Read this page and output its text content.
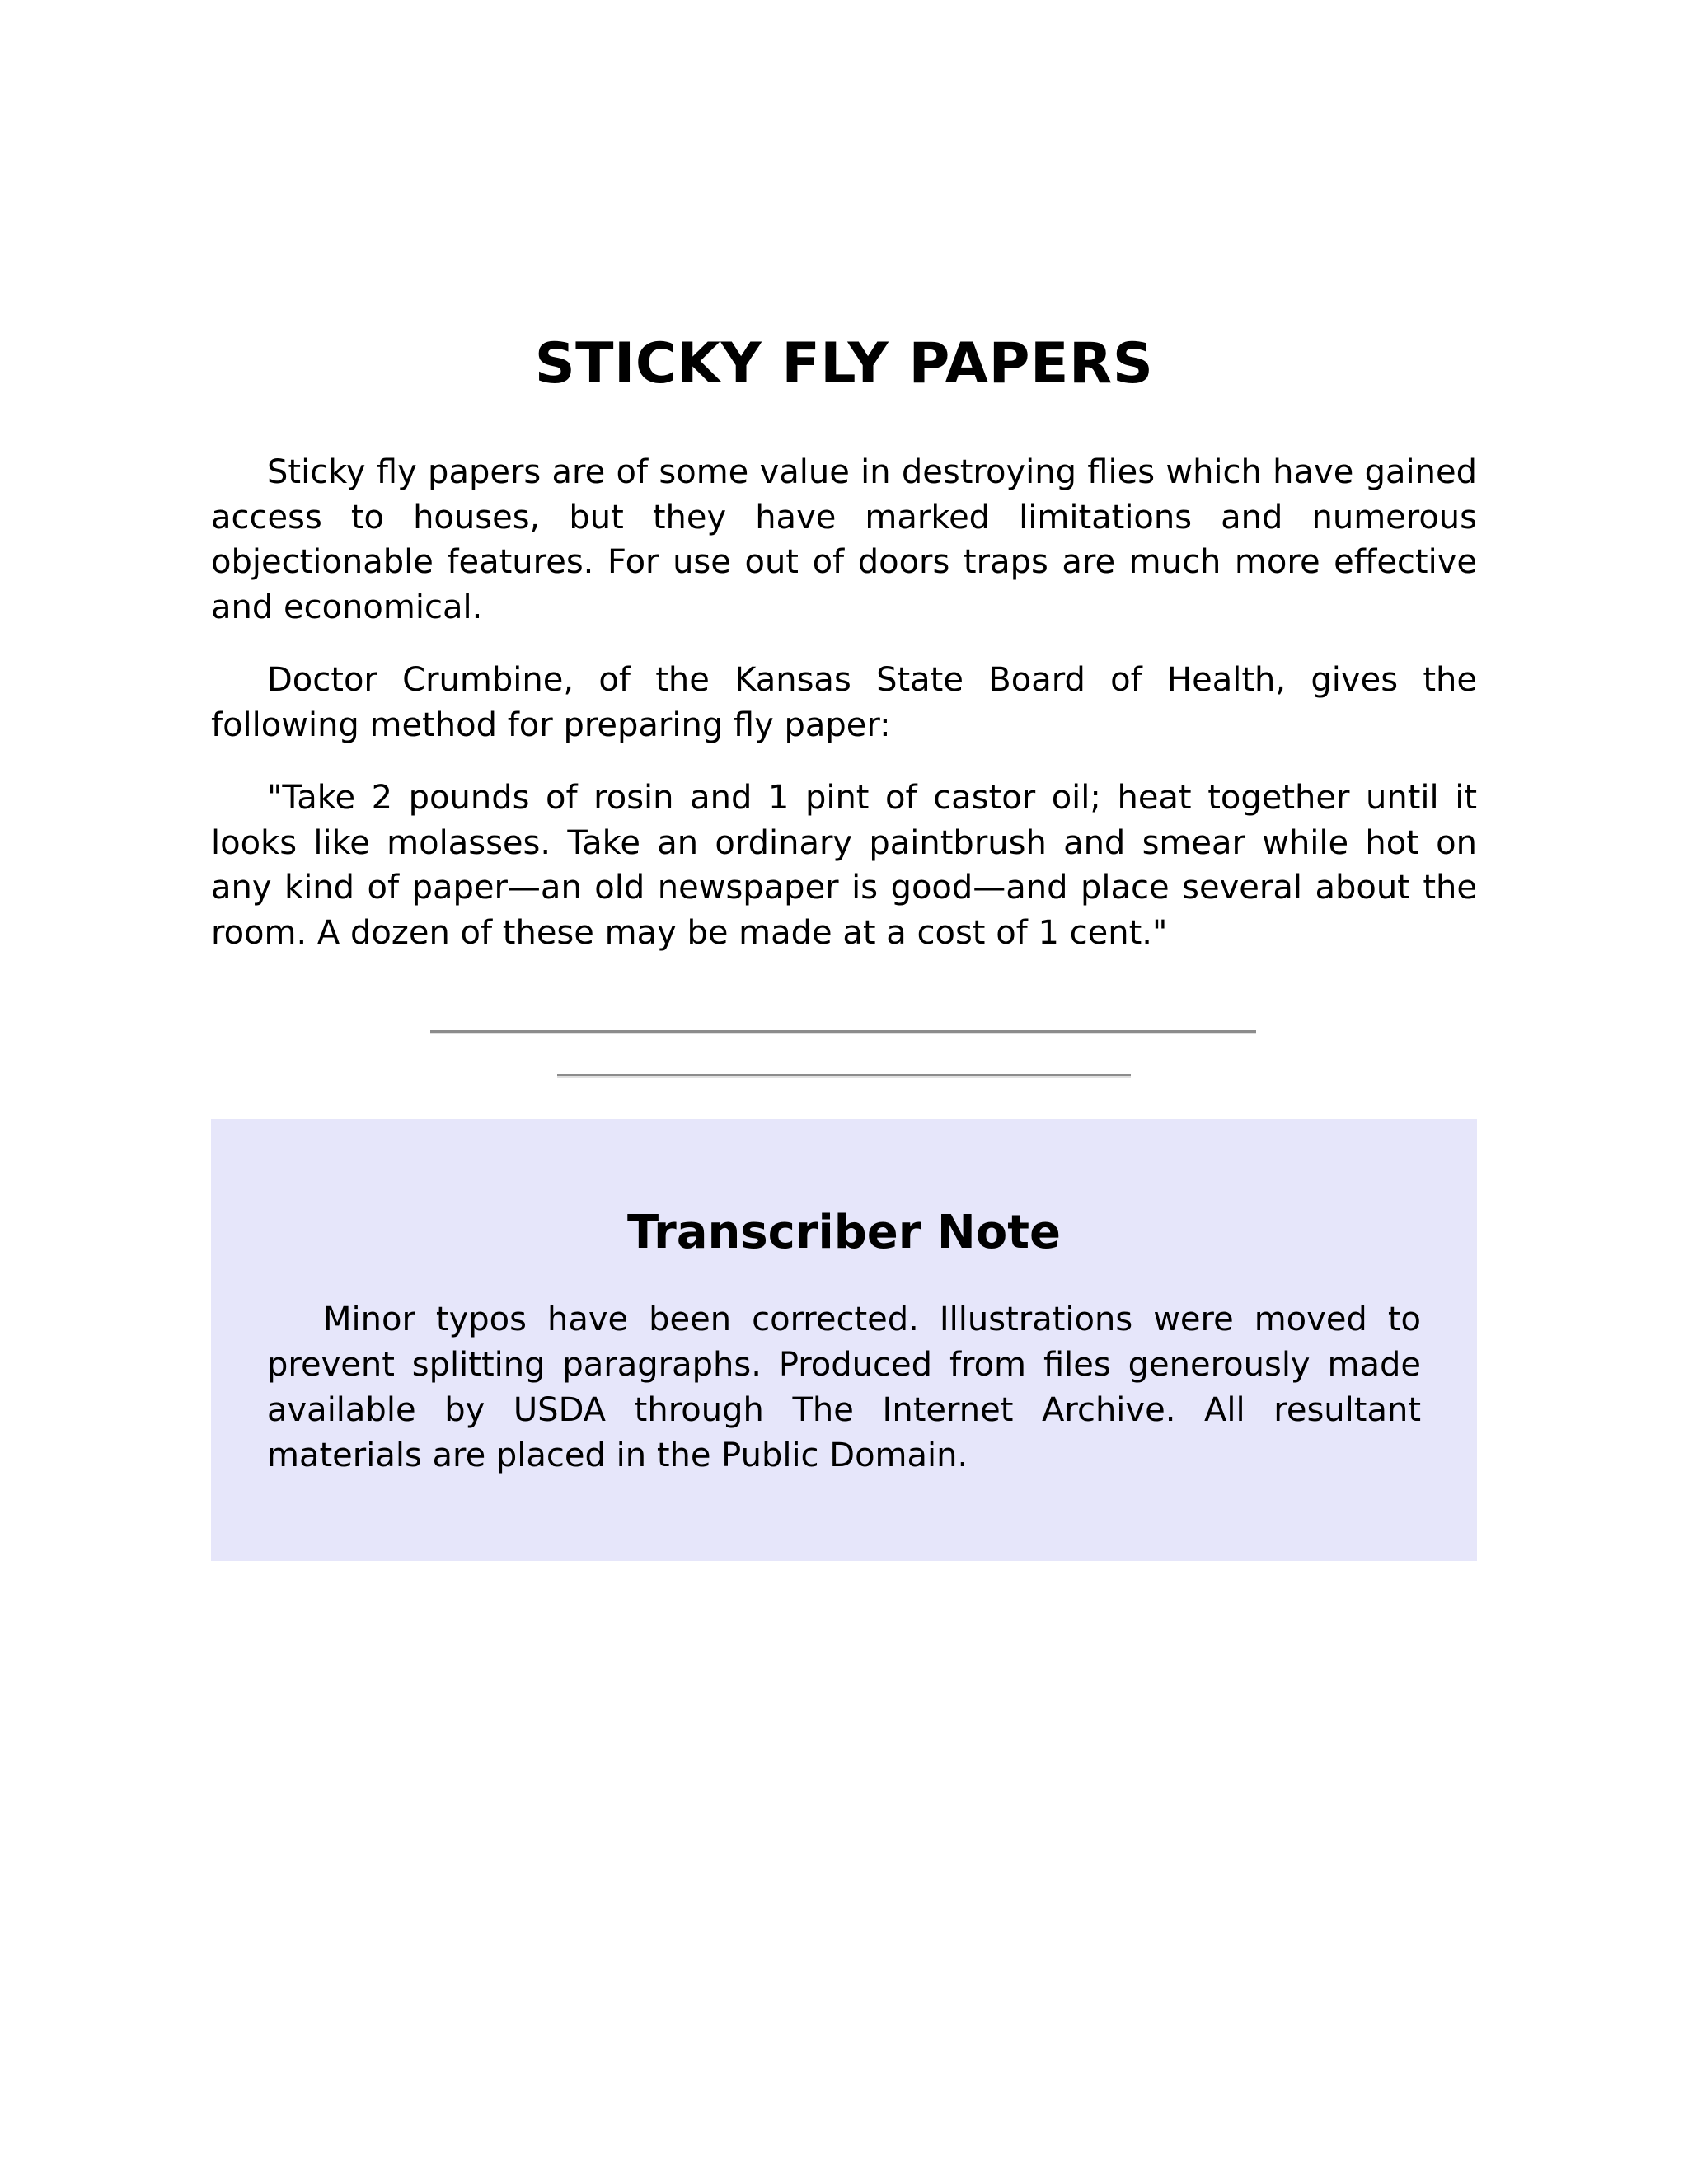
STICKY FLY PAPERS

Sticky fly papers are of some value in destroying flies which have gained access to houses, but they have marked limitations and numerous objectionable features. For use out of doors traps are much more effective and economical.

Doctor Crumbine, of the Kansas State Board of Health, gives the following method for preparing fly paper:

"Take 2 pounds of rosin and 1 pint of castor oil; heat together until it looks like molasses. Take an ordinary paintbrush and smear while hot on any kind of paper—an old newspaper is good—and place several about the room. A dozen of these may be made at a cost of 1 cent."

Transcriber Note

Minor typos have been corrected. Illustrations were moved to prevent splitting paragraphs. Produced from files generously made available by USDA through The Internet Archive. All resultant materials are placed in the Public Domain.
